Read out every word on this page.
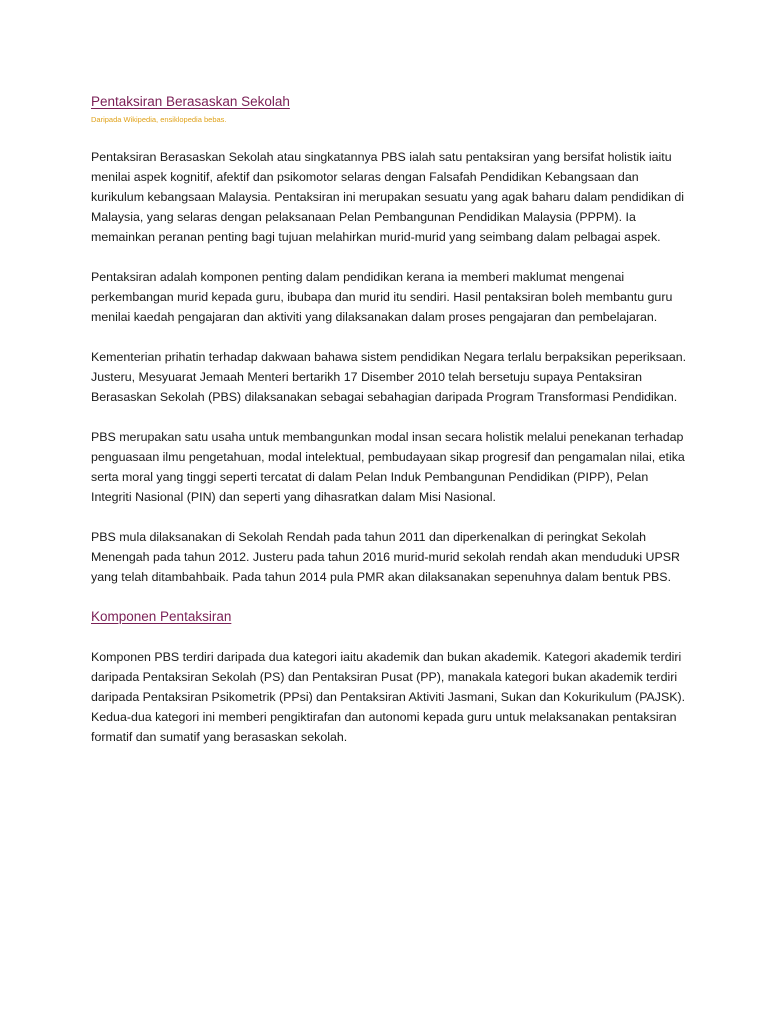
Pentaksiran Berasaskan Sekolah

Daripada Wikipedia, ensiklopedia bebas.

Pentaksiran Berasaskan Sekolah atau singkatannya PBS ialah satu pentaksiran yang bersifat holistik iaitu menilai aspek kognitif, afektif dan psikomotor selaras dengan Falsafah Pendidikan Kebangsaan dan kurikulum kebangsaan Malaysia. Pentaksiran ini merupakan sesuatu yang agak baharu dalam pendidikan di Malaysia, yang selaras dengan pelaksanaan Pelan Pembangunan Pendidikan Malaysia (PPPM). Ia memainkan peranan penting bagi tujuan melahirkan murid-murid yang seimbang dalam pelbagai aspek.

Pentaksiran adalah komponen penting dalam pendidikan kerana ia memberi maklumat mengenai perkembangan murid kepada guru, ibubapa dan murid itu sendiri. Hasil pentaksiran boleh membantu guru menilai kaedah pengajaran dan aktiviti yang dilaksanakan dalam proses pengajaran dan pembelajaran.

Kementerian prihatin terhadap dakwaan bahawa sistem pendidikan Negara terlalu berpaksikan peperiksaan. Justeru, Mesyuarat Jemaah Menteri bertarikh 17 Disember 2010 telah bersetuju supaya Pentaksiran Berasaskan Sekolah (PBS) dilaksanakan sebagai sebahagian daripada Program Transformasi Pendidikan.

PBS merupakan satu usaha untuk membangunkan modal insan secara holistik melalui penekanan terhadap penguasaan ilmu pengetahuan, modal intelektual, pembudayaan sikap progresif dan pengamalan nilai, etika serta moral yang tinggi seperti tercatat di dalam Pelan Induk Pembangunan Pendidikan (PIPP), Pelan Integriti Nasional (PIN) dan seperti yang dihasratkan dalam Misi Nasional.

PBS mula dilaksanakan di Sekolah Rendah pada tahun 2011 dan diperkenalkan di peringkat Sekolah Menengah pada tahun 2012. Justeru pada tahun 2016 murid-murid sekolah rendah akan menduduki UPSR yang telah ditambahbaik. Pada tahun 2014 pula PMR akan dilaksanakan sepenuhnya dalam bentuk PBS.

Komponen Pentaksiran

Komponen PBS terdiri daripada dua kategori iaitu akademik dan bukan akademik. Kategori akademik terdiri daripada Pentaksiran Sekolah (PS) dan Pentaksiran Pusat (PP), manakala kategori bukan akademik terdiri daripada Pentaksiran Psikometrik (PPsi) dan Pentaksiran Aktiviti Jasmani, Sukan dan Kokurikulum (PAJSK). Kedua-dua kategori ini memberi pengiktirafan dan autonomi kepada guru untuk melaksanakan pentaksiran formatif dan sumatif yang berasaskan sekolah.
